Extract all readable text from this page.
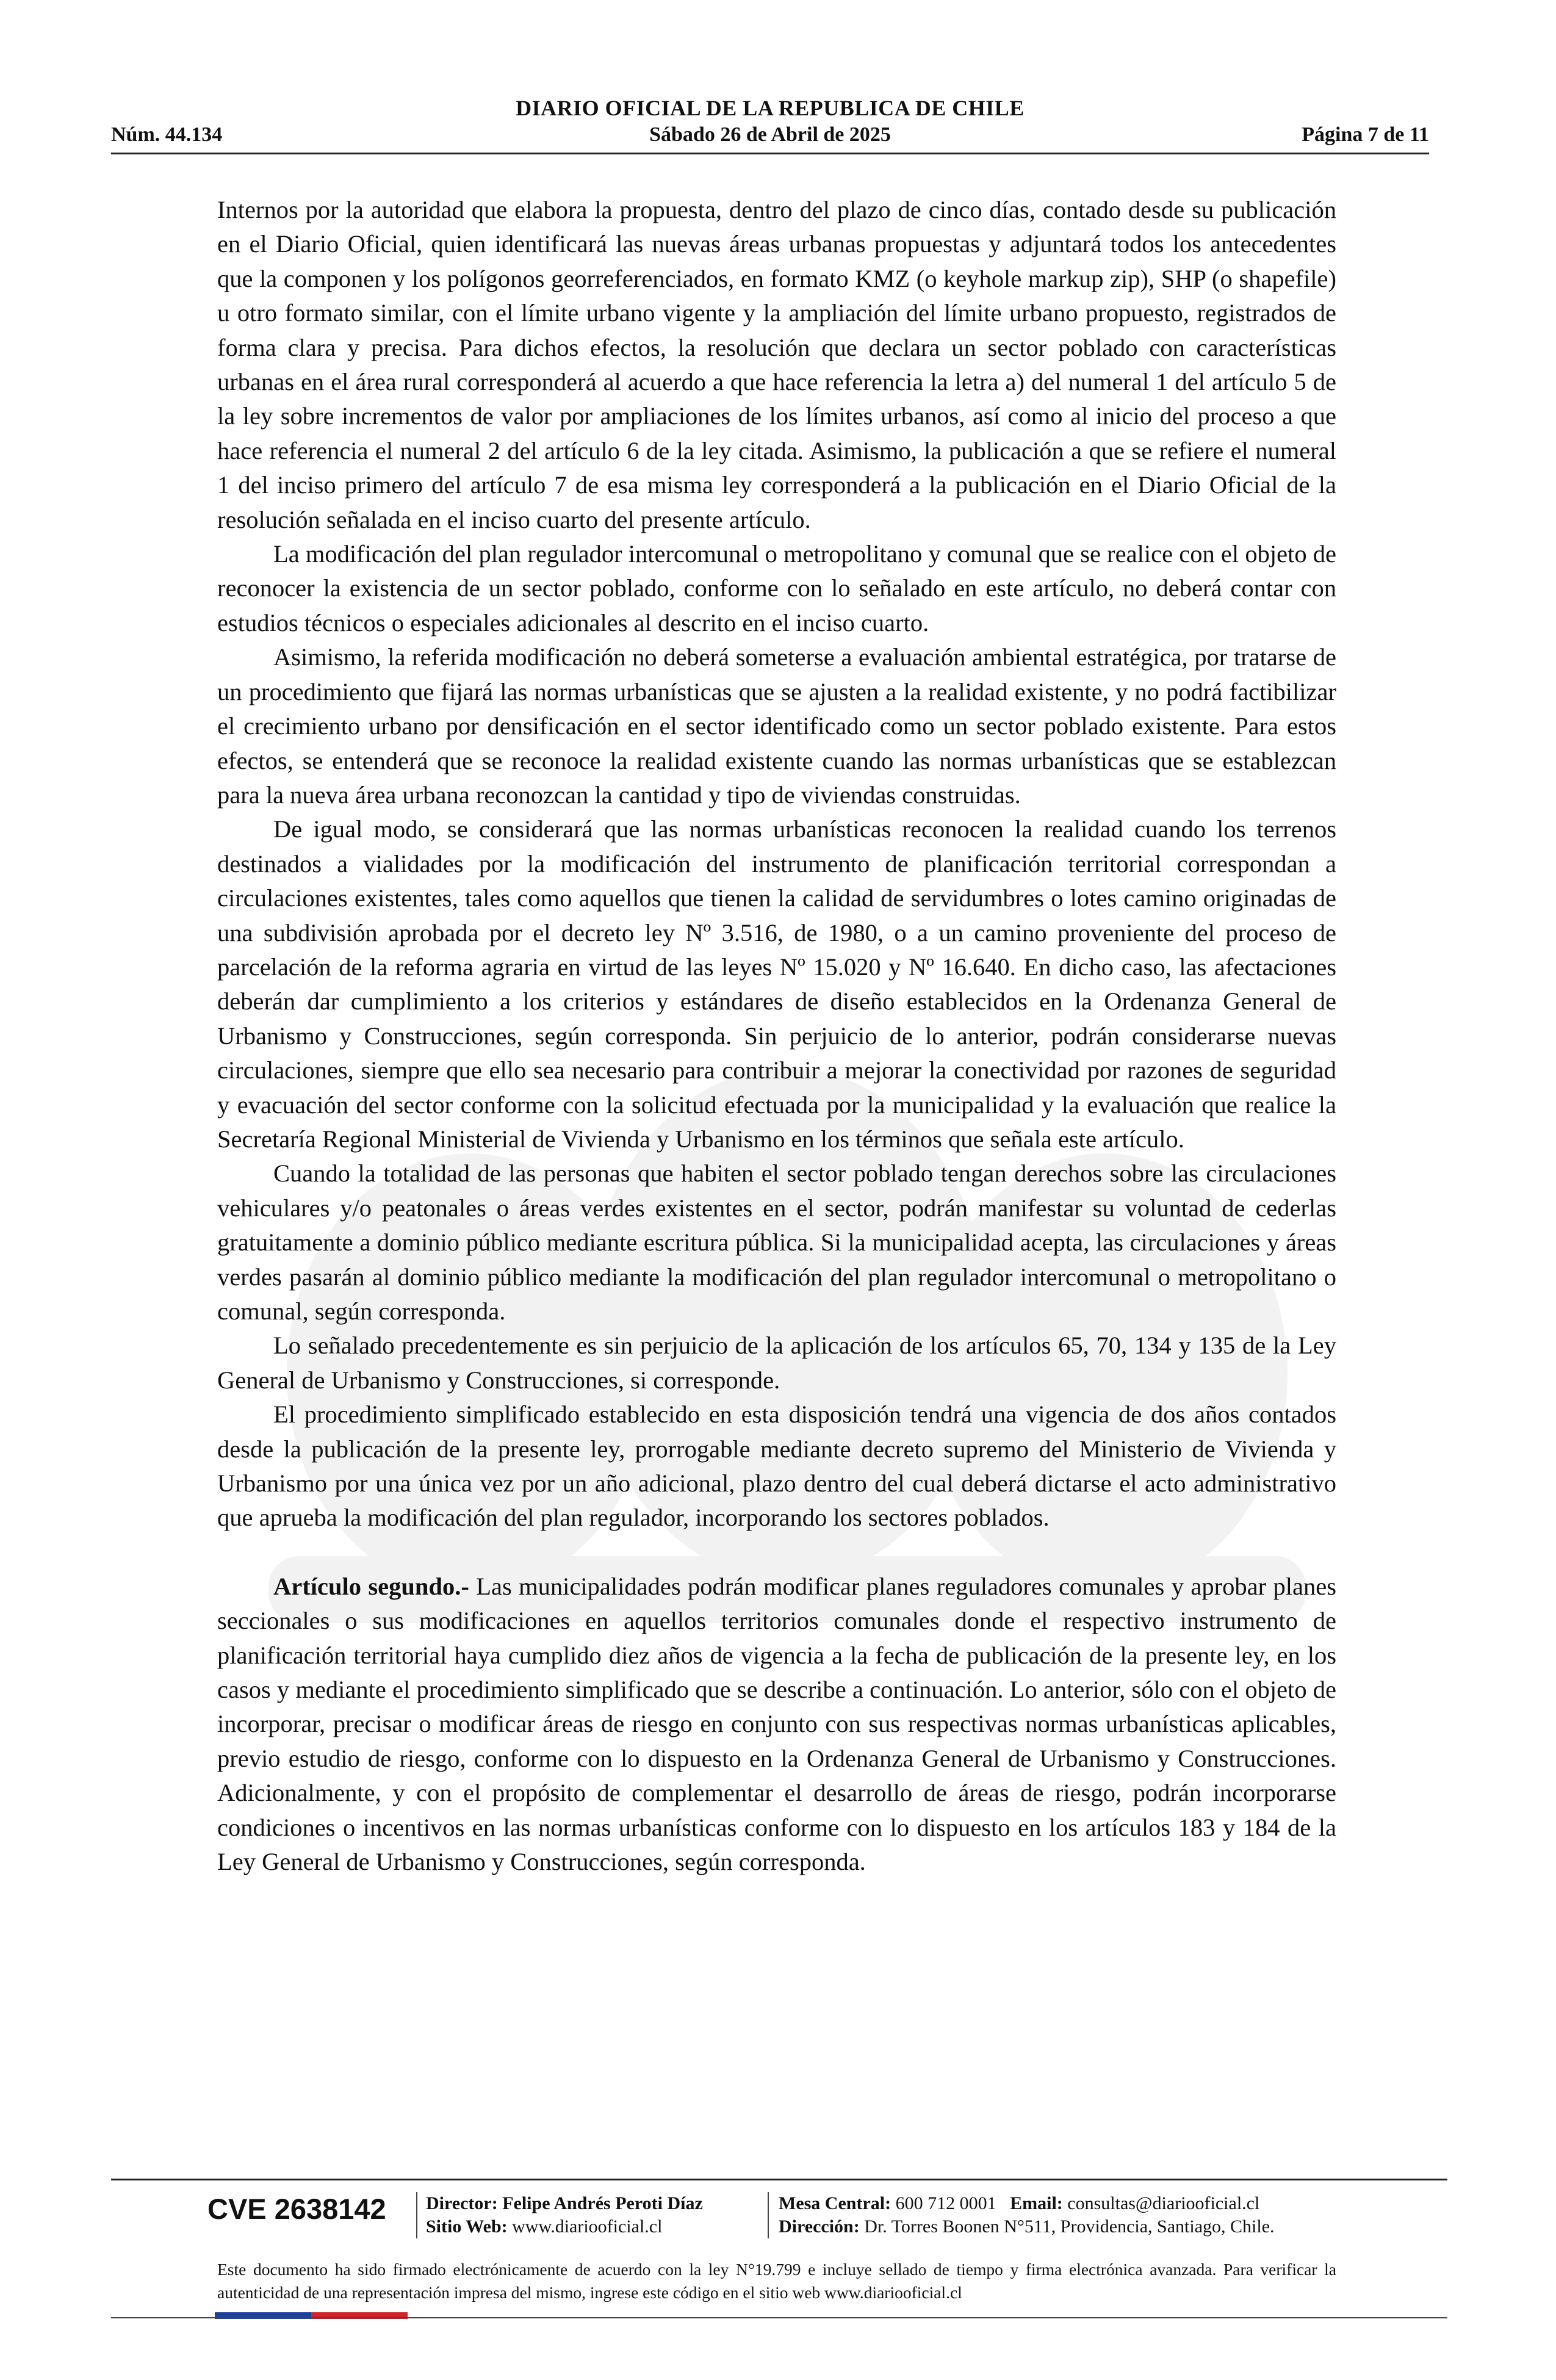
DIARIO OFICIAL DE LA REPUBLICA DE CHILE
Núm. 44.134	Sábado 26 de Abril de 2025	Página 7 de 11

Internos por la autoridad que elabora la propuesta, dentro del plazo de cinco días, contado desde su publicación en el Diario Oficial, quien identificará las nuevas áreas urbanas propuestas y adjuntará todos los antecedentes que la componen y los polígonos georreferenciados, en formato KMZ (o keyhole markup zip), SHP (o shapefile) u otro formato similar, con el límite urbano vigente y la ampliación del límite urbano propuesto, registrados de forma clara y precisa. Para dichos efectos, la resolución que declara un sector poblado con características urbanas en el área rural corresponderá al acuerdo a que hace referencia la letra a) del numeral 1 del artículo 5 de la ley sobre incrementos de valor por ampliaciones de los límites urbanos, así como al inicio del proceso a que hace referencia el numeral 2 del artículo 6 de la ley citada. Asimismo, la publicación a que se refiere el numeral 1 del inciso primero del artículo 7 de esa misma ley corresponderá a la publicación en el Diario Oficial de la resolución señalada en el inciso cuarto del presente artículo.

La modificación del plan regulador intercomunal o metropolitano y comunal que se realice con el objeto de reconocer la existencia de un sector poblado, conforme con lo señalado en este artículo, no deberá contar con estudios técnicos o especiales adicionales al descrito en el inciso cuarto.

Asimismo, la referida modificación no deberá someterse a evaluación ambiental estratégica, por tratarse de un procedimiento que fijará las normas urbanísticas que se ajusten a la realidad existente, y no podrá factibilizar el crecimiento urbano por densificación en el sector identificado como un sector poblado existente. Para estos efectos, se entenderá que se reconoce la realidad existente cuando las normas urbanísticas que se establezcan para la nueva área urbana reconozcan la cantidad y tipo de viviendas construidas.

De igual modo, se considerará que las normas urbanísticas reconocen la realidad cuando los terrenos destinados a vialidades por la modificación del instrumento de planificación territorial correspondan a circulaciones existentes, tales como aquellos que tienen la calidad de servidumbres o lotes camino originadas de una subdivisión aprobada por el decreto ley Nº 3.516, de 1980, o a un camino proveniente del proceso de parcelación de la reforma agraria en virtud de las leyes Nº 15.020 y Nº 16.640. En dicho caso, las afectaciones deberán dar cumplimiento a los criterios y estándares de diseño establecidos en la Ordenanza General de Urbanismo y Construcciones, según corresponda. Sin perjuicio de lo anterior, podrán considerarse nuevas circulaciones, siempre que ello sea necesario para contribuir a mejorar la conectividad por razones de seguridad y evacuación del sector conforme con la solicitud efectuada por la municipalidad y la evaluación que realice la Secretaría Regional Ministerial de Vivienda y Urbanismo en los términos que señala este artículo.

Cuando la totalidad de las personas que habiten el sector poblado tengan derechos sobre las circulaciones vehiculares y/o peatonales o áreas verdes existentes en el sector, podrán manifestar su voluntad de cederlas gratuitamente a dominio público mediante escritura pública. Si la municipalidad acepta, las circulaciones y áreas verdes pasarán al dominio público mediante la modificación del plan regulador intercomunal o metropolitano o comunal, según corresponda.

Lo señalado precedentemente es sin perjuicio de la aplicación de los artículos 65, 70, 134 y 135 de la Ley General de Urbanismo y Construcciones, si corresponde.

El procedimiento simplificado establecido en esta disposición tendrá una vigencia de dos años contados desde la publicación de la presente ley, prorrogable mediante decreto supremo del Ministerio de Vivienda y Urbanismo por una única vez por un año adicional, plazo dentro del cual deberá dictarse el acto administrativo que aprueba la modificación del plan regulador, incorporando los sectores poblados.

Artículo segundo.- Las municipalidades podrán modificar planes reguladores comunales y aprobar planes seccionales o sus modificaciones en aquellos territorios comunales donde el respectivo instrumento de planificación territorial haya cumplido diez años de vigencia a la fecha de publicación de la presente ley, en los casos y mediante el procedimiento simplificado que se describe a continuación. Lo anterior, sólo con el objeto de incorporar, precisar o modificar áreas de riesgo en conjunto con sus respectivas normas urbanísticas aplicables, previo estudio de riesgo, conforme con lo dispuesto en la Ordenanza General de Urbanismo y Construcciones. Adicionalmente, y con el propósito de complementar el desarrollo de áreas de riesgo, podrán incorporarse condiciones o incentivos en las normas urbanísticas conforme con lo dispuesto en los artículos 183 y 184 de la Ley General de Urbanismo y Construcciones, según corresponda.

CVE 2638142 Director: Felipe Andrés Peroti Díaz
Sitio Web: www.diariooficial.cl
Mesa Central: 600 712 0001 Email: consultas@diariooficial.cl
Dirección: Dr. Torres Boonen N°511, Providencia, Santiago, Chile.
Este documento ha sido firmado electrónicamente de acuerdo con la ley N°19.799 e incluye sellado de tiempo y firma electrónica avanzada. Para verificar la autenticidad de una representación impresa del mismo, ingrese este código en el sitio web www.diariooficial.cl
